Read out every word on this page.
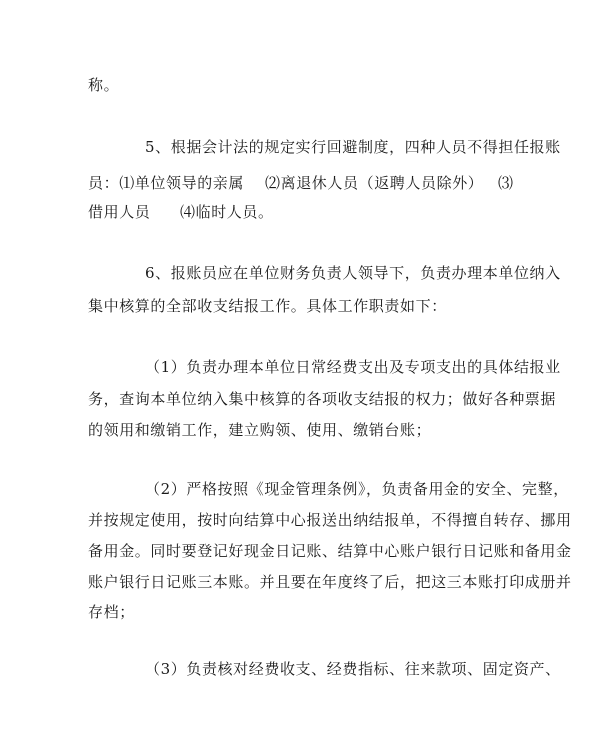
称。
5、根据会计法的规定实行回避制度，四种人员不得担任报账
员：⑴单位领导的亲属 ⑵离退休人员（返聘人员除外） ⑶
借用人员 ⑷临时人员。
6、报账员应在单位财务负责人领导下，负责办理本单位纳入
集中核算的全部收支结报工作。具体工作职责如下：
（1）负责办理本单位日常经费支出及专项支出的具体结报业
务，查询本单位纳入集中核算的各项收支结报的权力；做好各种票据
的领用和缴销工作，建立购领、使用、缴销台账；
（2）严格按照《现金管理条例》，负责备用金的安全、完整，
并按规定使用，按时向结算中心报送出纳结报单，不得擅自转存、挪用
备用金。同时要登记好现金日记账、结算中心账户银行日记账和备用金
账户银行日记账三本账。并且要在年度终了后，把这三本账打印成册并
存档；
（3）负责核对经费收支、经费指标、往来款项、固定资产、
